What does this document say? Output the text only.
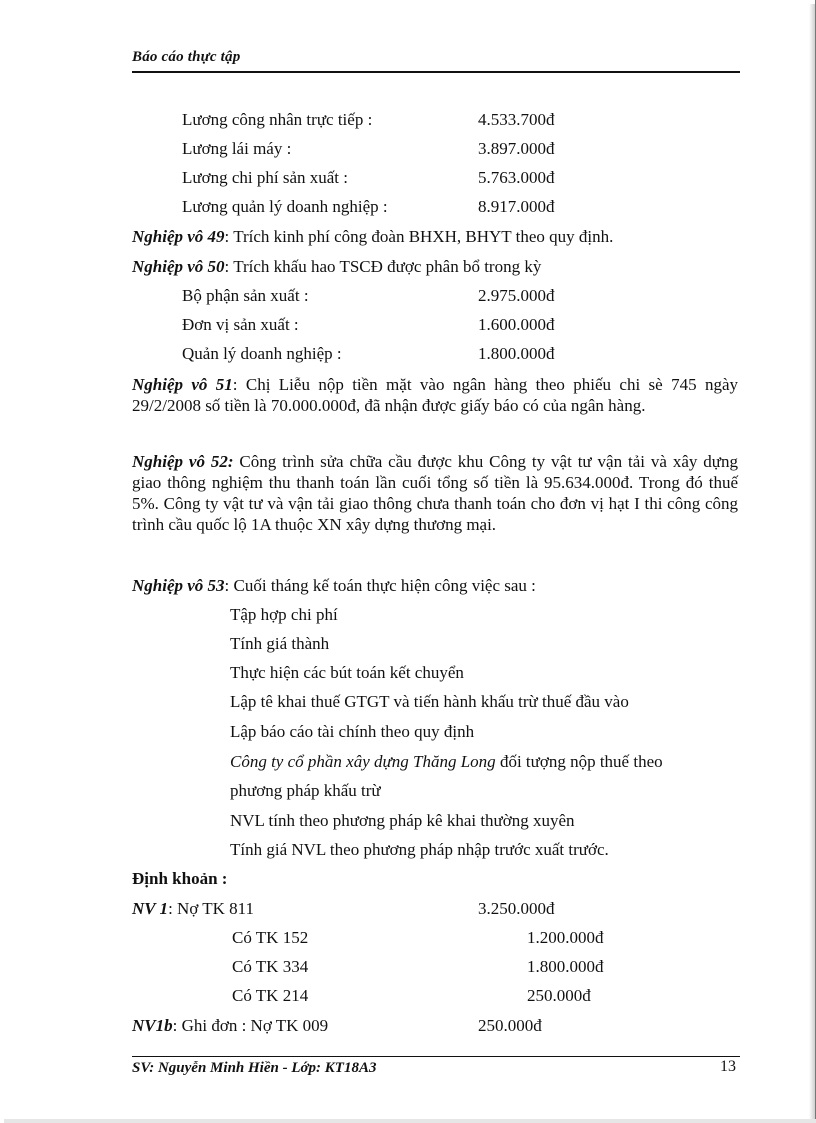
Báo cáo thực tập
Lương công nhân trực tiếp :	4.533.700đ
Lương lái máy :	3.897.000đ
Lương chi phí sản xuất :	5.763.000đ
Lương quản lý doanh nghiệp :	8.917.000đ
Nghiệp vô 49: Trích kinh phí công đoàn BHXH, BHYT theo quy định.
Nghiệp vô 50: Trích khấu hao TSCĐ được phân bổ trong kỳ
Bộ phận sản xuất :	2.975.000đ
Đơn vị sản xuất :	1.600.000đ
Quản lý doanh nghiệp :	1.800.000đ
Nghiệp vô 51: Chị Liễu nộp tiền mặt vào ngân hàng theo phiếu chi sè 745 ngày 29/2/2008 số tiền là 70.000.000đ, đã nhận được giấy báo có của ngân hàng.
Nghiệp vô 52: Công trình sửa chữa cầu được khu Công ty vật tư vận tải và xây dựng giao thông nghiệm thu thanh toán lần cuối tổng số tiền là 95.634.000đ. Trong đó thuế 5%. Công ty vật tư và vận tải giao thông chưa thanh toán cho đơn vị hạt I thi công công trình cầu quốc lộ 1A thuộc XN xây dựng thương mại.
Nghiệp vô 53: Cuối tháng kế toán thực hiện công việc sau :
Tập hợp chi phí
Tính giá thành
Thực hiện các bút toán kết chuyển
Lập tê khai thuế GTGT và tiến hành khấu trừ thuế đầu vào
Lập báo cáo tài chính theo quy định
Công ty cổ phần xây dựng Thăng Long đối tượng nộp thuế theo
phương pháp khấu trừ
NVL tính theo phương pháp kê khai thường xuyên
Tính giá NVL theo phương pháp nhập trước xuất trước.
Định khoản :
NV 1: Nợ TK 811	3.250.000đ
Có TK 152	1.200.000đ
Có TK 334	1.800.000đ
Có TK 214	250.000đ
NV1b: Ghi đơn : Nợ TK 009	250.000đ
SV: Nguyễn Minh Hiền - Lớp: KT18A3	13
